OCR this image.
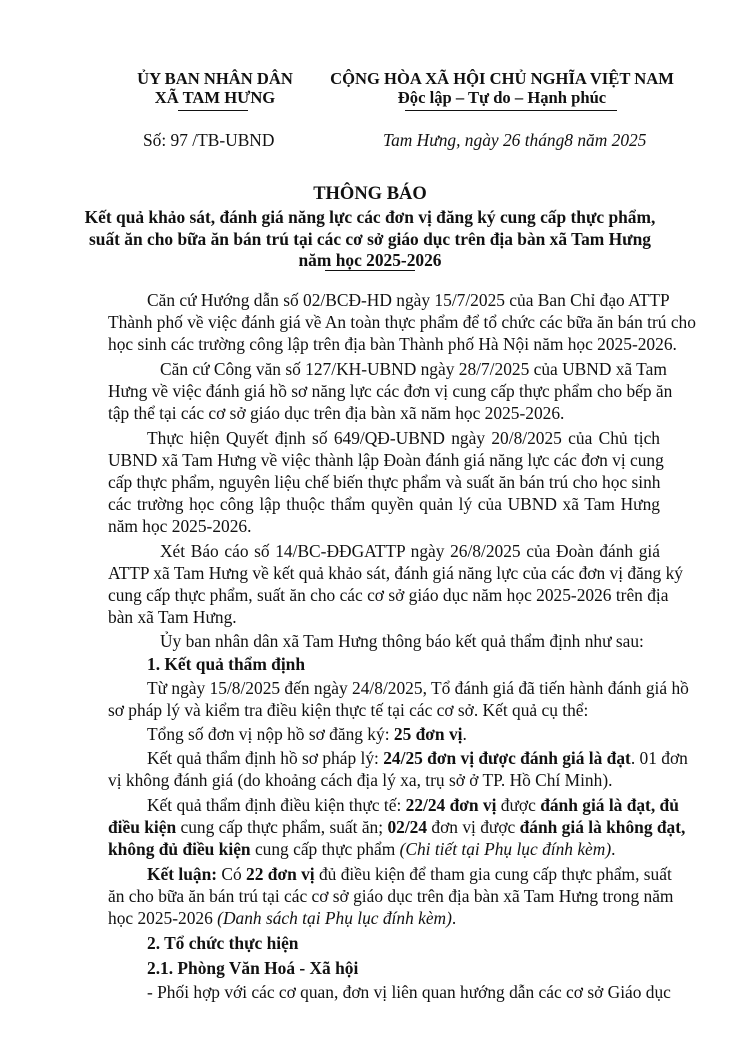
ỦY BAN NHÂN DÂN
XÃ TAM HƯNG
CỘNG HÒA XÃ HỘI CHỦ NGHĨA VIỆT NAM
Độc lập – Tự do – Hạnh phúc
Số: 97 /TB-UBND	Tam Hưng, ngày 26 tháng8 năm 2025
THÔNG BÁO
Kết quả khảo sát, đánh giá năng lực các đơn vị đăng ký cung cấp thực phẩm,
suất ăn cho bữa ăn bán trú tại các cơ sở giáo dục trên địa bàn xã Tam Hưng
năm học 2025-2026
Căn cứ Hướng dẫn số 02/BCĐ-HD ngày 15/7/2025 của Ban Chỉ đạo ATTP
Thành phố về việc đánh giá về An toàn thực phẩm để tổ chức các bữa ăn bán trú cho
học sinh các trường công lập trên địa bàn Thành phố Hà Nội năm học 2025-2026.
Căn cứ Công văn số 127/KH-UBND ngày 28/7/2025 của UBND xã Tam
Hưng về việc đánh giá hồ sơ năng lực các đơn vị cung cấp thực phẩm cho bếp ăn
tập thể tại các cơ sở giáo dục trên địa bàn xã năm học 2025-2026.
Thực hiện Quyết định số 649/QĐ-UBND ngày 20/8/2025 của Chủ tịch
UBND xã Tam Hưng về việc thành lập Đoàn đánh giá năng lực các đơn vị cung
cấp thực phẩm, nguyên liệu chế biến thực phẩm và suất ăn bán trú cho học sinh
các trường học công lập thuộc thẩm quyền quản lý của UBND xã Tam Hưng
năm học 2025-2026.
Xét Báo cáo số 14/BC-ĐĐGATTP ngày 26/8/2025 của Đoàn đánh giá
ATTP xã Tam Hưng về kết quả khảo sát, đánh giá năng lực của các đơn vị đăng ký
cung cấp thực phẩm, suất ăn cho các cơ sở giáo dục năm học 2025-2026 trên địa
bàn xã Tam Hưng.
Ủy ban nhân dân xã Tam Hưng thông báo kết quả thẩm định như sau:
1. Kết quả thẩm định
Từ ngày 15/8/2025 đến ngày 24/8/2025, Tổ đánh giá đã tiến hành đánh giá hồ
sơ pháp lý và kiểm tra điều kiện thực tế tại các cơ sở. Kết quả cụ thể:
Tổng số đơn vị nộp hồ sơ đăng ký: 25 đơn vị.
Kết quả thẩm định hồ sơ pháp lý: 24/25 đơn vị được đánh giá là đạt. 01 đơn
vị không đánh giá (do khoảng cách địa lý xa, trụ sở ở TP. Hồ Chí Minh).
Kết quả thẩm định điều kiện thực tế: 22/24 đơn vị được đánh giá là đạt, đủ
điều kiện cung cấp thực phẩm, suất ăn; 02/24 đơn vị được đánh giá là không đạt,
không đủ điều kiện cung cấp thực phẩm (Chi tiết tại Phụ lục đính kèm).
Kết luận: Có 22 đơn vị đủ điều kiện để tham gia cung cấp thực phẩm, suất
ăn cho bữa ăn bán trú tại các cơ sở giáo dục trên địa bàn xã Tam Hưng trong năm
học 2025-2026 (Danh sách tại Phụ lục đính kèm).
2. Tổ chức thực hiện
2.1. Phòng Văn Hoá - Xã hội
- Phối hợp với các cơ quan, đơn vị liên quan hướng dẫn các cơ sở Giáo dục
